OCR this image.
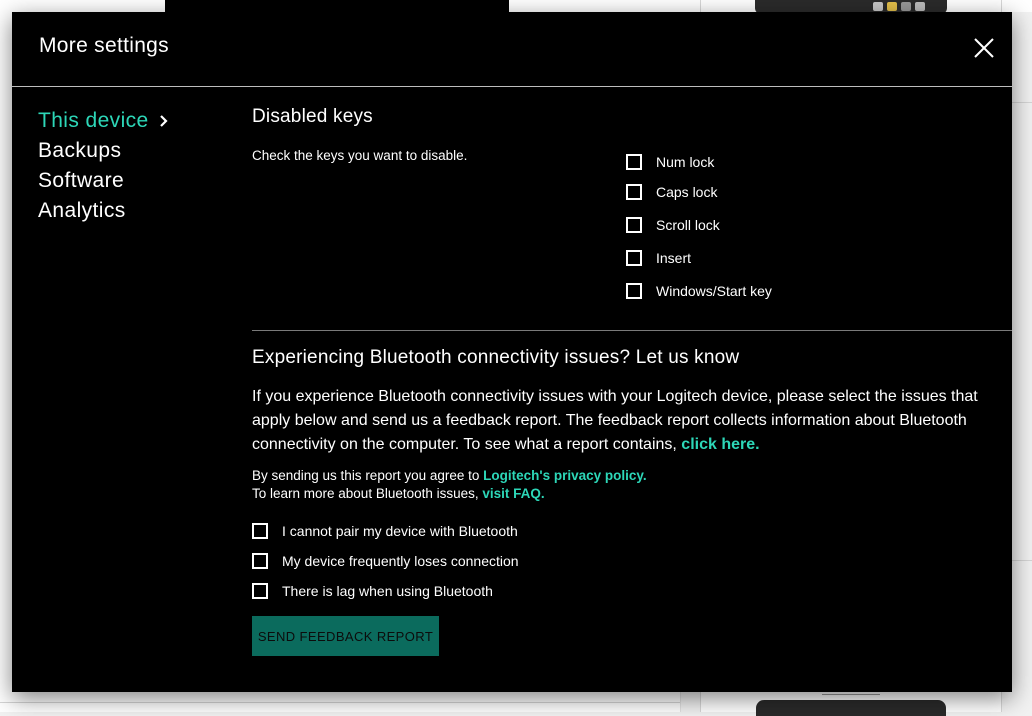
More settings
This device
Backups
Software
Analytics
Disabled keys
Check the keys you want to disable.	Num lock
Caps lock
Scroll lock
Insert
Windows/Start key
Experiencing Bluetooth connectivity issues? Let us know
If you experience Bluetooth connectivity issues with your Logitech device, please select the issues that apply below and send us a feedback report. The feedback report collects information about Bluetooth connectivity on the computer. To see what a report contains, click here.
By sending us this report you agree to Logitech's privacy policy.
To learn more about Bluetooth issues, visit FAQ.
I cannot pair my device with Bluetooth
My device frequently loses connection
There is lag when using Bluetooth
SEND FEEDBACK REPORT
